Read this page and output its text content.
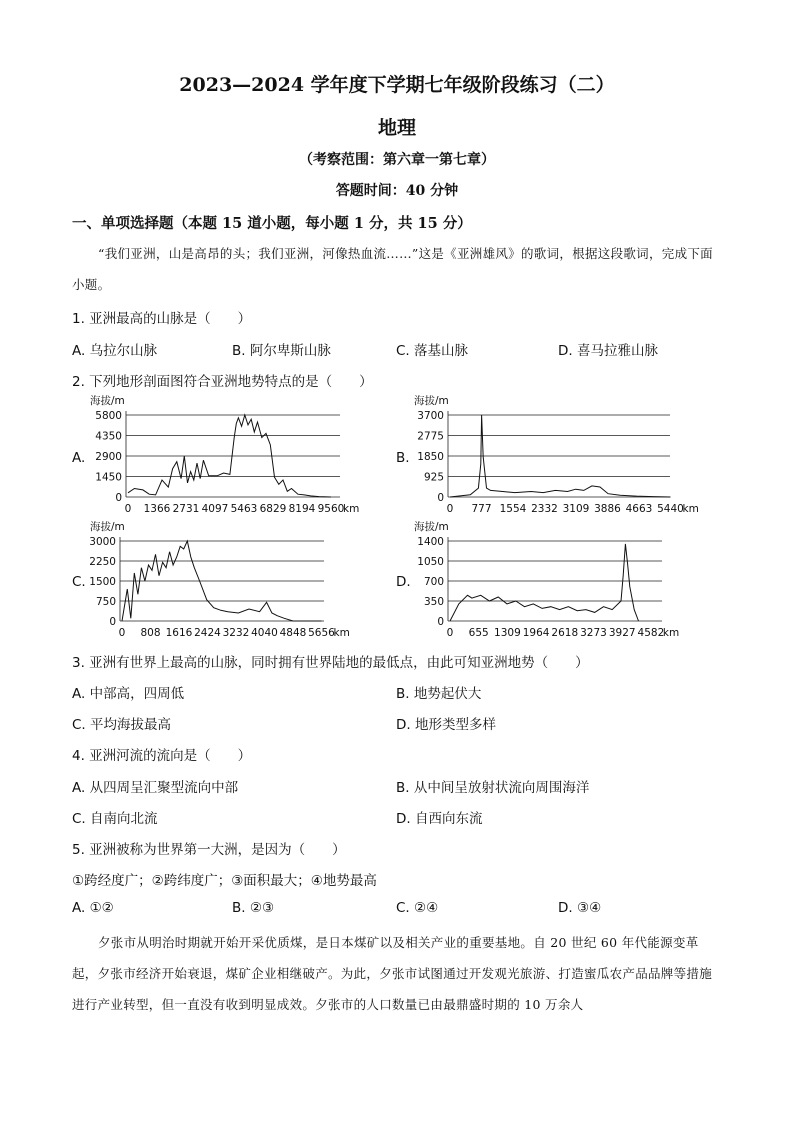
2023—2024 学年度下学期七年级阶段练习（二）
地理
（考察范围：第六章一第七章）
答题时间：40 分钟
一、单项选择题（本题 15 道小题，每小题 1 分，共 15 分）
“我们亚洲，山是高昂的头；我们亚洲，河像热血流……”这是《亚洲雄风》的歌词，根据这段歌词，完成下面小题。
1. 亚洲最高的山脉是（　　）
A. 乌拉尔山脉	B. 阿尔卑斯山脉	C. 落基山脉	D. 喜马拉雅山脉
2. 下列地形剖面图符合亚洲地势特点的是（　　）
A.
海拔/m
5800
4350
2900
1450
0
0 1366 2731 4097 5463 6829 8194 9560
km
B.
海拔/m
3700
2775
1850
925
0
0 777 1554 2332 3109 3886 4663 5440
km
C.
海拔/m
3000
2250
1500
750
0
0 808 1616 2424 3232 4040 4848 5656
km
D.
海拔/m
1400
1050
700
350
0
0 655 1309 1964 2618 3273 3927 4582
km
3. 亚洲有世界上最高的山脉，同时拥有世界陆地的最低点，由此可知亚洲地势（　　）
A. 中部高，四周低	B. 地势起伏大
C. 平均海拔最高	D. 地形类型多样
4. 亚洲河流的流向是（　　）
A. 从四周呈汇聚型流向中部	B. 从中间呈放射状流向周围海洋
C. 自南向北流	D. 自西向东流
5. 亚洲被称为世界第一大洲，是因为（　　）
①跨经度广；②跨纬度广；③面积最大；④地势最高
A. ①②	B. ②③	C. ②④	D. ③④
夕张市从明治时期就开始开采优质煤，是日本煤矿以及相关产业的重要基地。自 20 世纪 60 年代能源变革起，夕张市经济开始衰退，煤矿企业相继破产。为此，夕张市试图通过开发观光旅游、打造蜜瓜农产品品牌等措施进行产业转型，但一直没有收到明显成效。夕张市的人口数量已由最鼎盛时期的 10 万余人
